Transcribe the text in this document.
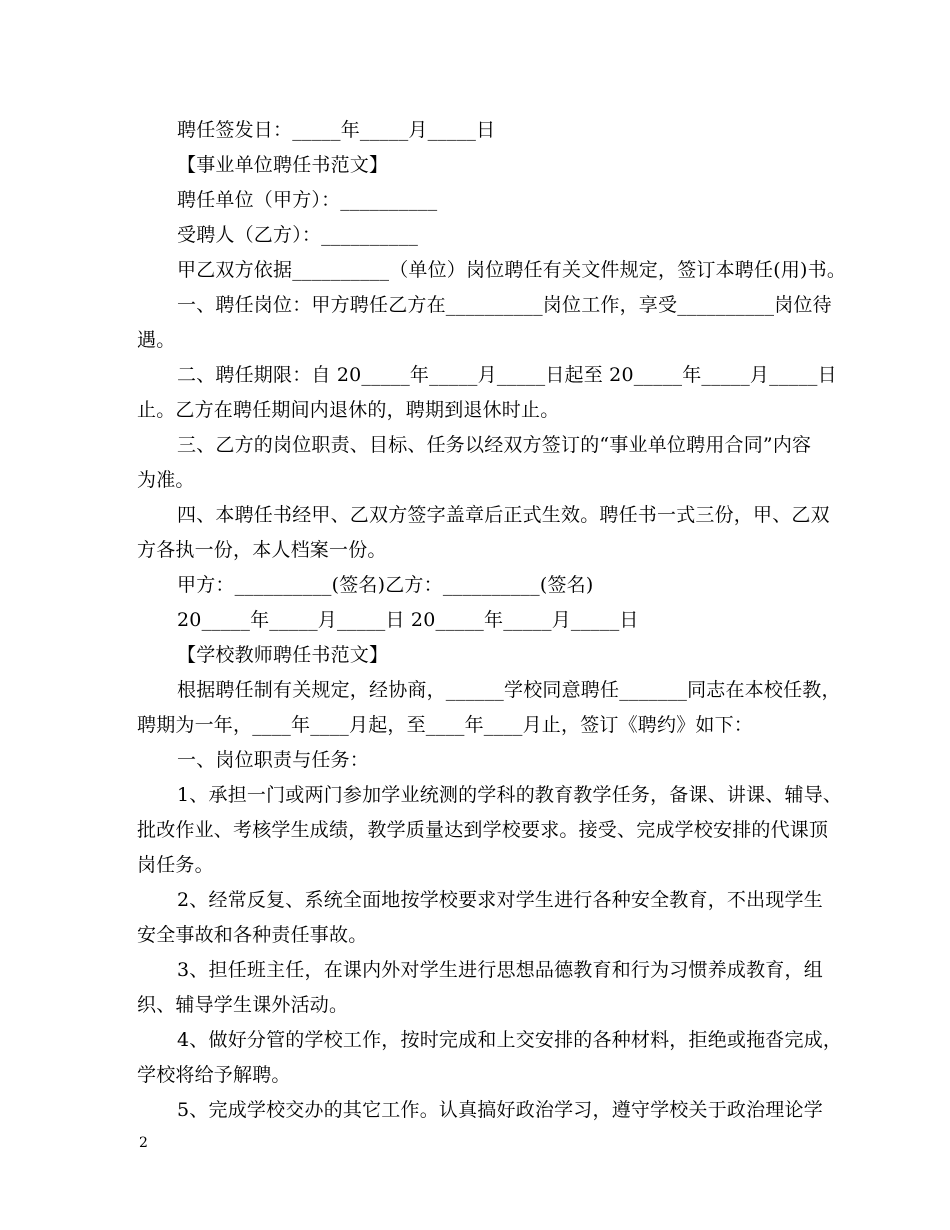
聘任签发日：_____年_____月_____日
【事业单位聘任书范文】
聘任单位（甲方）：__________
受聘人（乙方）：__________
甲乙双方依据__________（单位）岗位聘任有关文件规定，签订本聘任(用)书。
一、聘任岗位：甲方聘任乙方在__________岗位工作，享受__________岗位待
遇。
二、聘任期限：自 20_____年_____月_____日起至 20_____年_____月_____日
止。乙方在聘任期间内退休的，聘期到退休时止。
三、乙方的岗位职责、目标、任务以经双方签订的“事业单位聘用合同”内容
为准。
四、本聘任书经甲、乙双方签字盖章后正式生效。聘任书一式三份，甲、乙双
方各执一份，本人档案一份。
甲方：__________(签名)乙方：__________(签名)
20_____年_____月_____日 20_____年_____月_____日
【学校教师聘任书范文】
根据聘任制有关规定，经协商，______学校同意聘任_______同志在本校任教，
聘期为一年，____年____月起，至____年____月止，签订《聘约》如下：
一、岗位职责与任务：
1、承担一门或两门参加学业统测的学科的教育教学任务，备课、讲课、辅导、
批改作业、考核学生成绩，教学质量达到学校要求。接受、完成学校安排的代课顶
岗任务。
2、经常反复、系统全面地按学校要求对学生进行各种安全教育，不出现学生
安全事故和各种责任事故。
3、担任班主任，在课内外对学生进行思想品德教育和行为习惯养成教育，组
织、辅导学生课外活动。
4、做好分管的学校工作，按时完成和上交安排的各种材料，拒绝或拖沓完成，
学校将给予解聘。
5、完成学校交办的其它工作。认真搞好政治学习，遵守学校关于政治理论学
2
